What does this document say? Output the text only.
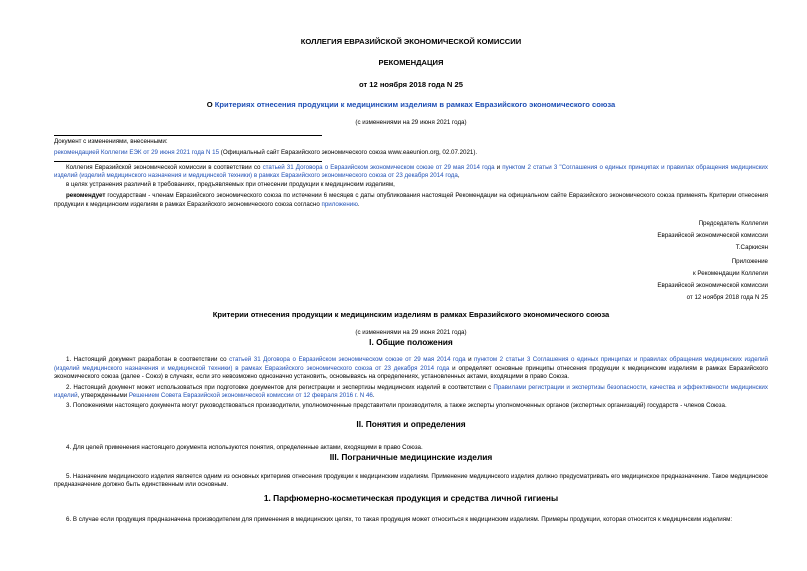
КОЛЛЕГИЯ ЕВРАЗИЙСКОЙ ЭКОНОМИЧЕСКОЙ КОМИССИИ

РЕКОМЕНДАЦИЯ

от 12 ноября 2018 года N 25

О Критериях отнесения продукции к медицинским изделиям в рамках Евразийского экономического союза

(с изменениями на 29 июня 2021 года)

Документ с изменениями, внесенными:

рекомендацией Коллегии ЕЭК от 29 июня 2021 года N 15 (Официальный сайт Евразийского экономического союза www.eaeunion.org, 02.07.2021).

Коллегия Евразийской экономической комиссии в соответствии со статьей 31 Договора о Евразийском экономическом союзе от 29 мая 2014 года и пунктом 2 статьи 3 "Соглашения о единых принципах и правилах обращения медицинских изделий (изделий медицинского назначения и медицинской техники) в рамках Евразийского экономического союза от 23 декабря 2014 года,

в целях устранения различий в требованиях, предъявляемых при отнесении продукции к медицинским изделиям,

рекомендует государствам - членам Евразийского экономического союза по истечении 6 месяцев с даты опубликования настоящей Рекомендации на официальном сайте Евразийского экономического союза применять Критерии отнесения продукции к медицинским изделиям в рамках Евразийского экономического союза согласно приложению.

Председатель Коллегии

Евразийской экономической комиссии

Т.Саркисян

Приложение

к Рекомендации Коллегии

Евразийской экономической комиссии

от 12 ноября 2018 года N 25

Критерии отнесения продукции к медицинским изделиям в рамках Евразийского экономического союза

(с изменениями на 29 июня 2021 года)

I. Общие положения

1. Настоящий документ разработан в соответствии со статьей 31 Договора о Евразийском экономическом союзе от 29 мая 2014 года и пунктом 2 статьи 3 Соглашения о единых принципах и правилах обращения медицинских изделий (изделий медицинского назначения и медицинской техники) в рамках Евразийского экономического союза от 23 декабря 2014 года и определяет основные принципы отнесения продукции к медицинским изделиям в рамках Евразийского экономического союза (далее - Союз) в случаях, если это невозможно однозначно установить, основываясь на определениях, установленных актами, входящими в право Союза.

2. Настоящий документ может использоваться при подготовке документов для регистрации и экспертизы медицинских изделий в соответствии с Правилами регистрации и экспертизы безопасности, качества и эффективности медицинских изделий, утвержденными Решением Совета Евразийской экономической комиссии от 12 февраля 2016 г. N 46.

3. Положениями настоящего документа могут руководствоваться производители, уполномоченные представители производителя, а также эксперты уполномоченных органов (экспертных организаций) государств - членов Союза.

II. Понятия и определения

4. Для целей применения настоящего документа используются понятия, определенные актами, входящими в право Союза.

III. Пограничные медицинские изделия

5. Назначение медицинского изделия является одним из основных критериев отнесения продукции к медицинским изделиям. Применение медицинского изделия должно предусматривать его медицинское предназначение. Такое медицинское предназначение должно быть единственным или основным.

1. Парфюмерно-косметическая продукция и средства личной гигиены

6. В случае если продукция предназначена производителем для применения в медицинских целях, то такая продукция может относиться к медицинским изделиям. Примеры продукции, которая относится к медицинским изделиям:
